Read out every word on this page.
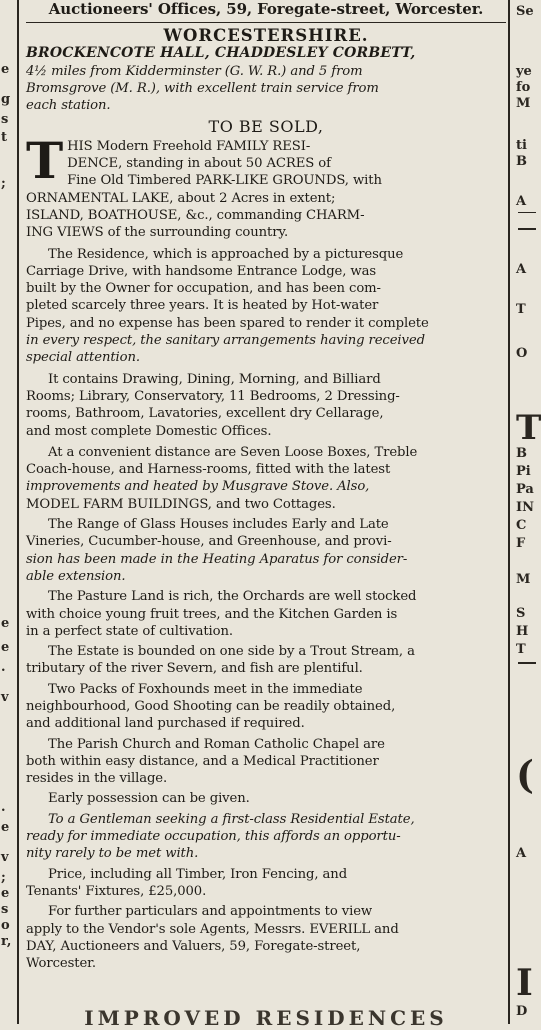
e
g
s
t
;
e
e
.
v
.
e
v
;
e
s
o
r,
Auctioneers' Offices, 59, Foregate-street, Worcester.
WORCESTERSHIRE.
BROCKENCOTE HALL, CHADDESLEY CORBETT,
4½ miles from Kidderminster (G. W. R.) and 5 from
Bromsgrove (M. R.), with excellent train service from
each station.
TO BE SOLD,
T HIS Modern Freehold FAMILY RESI-
DENCE, standing in about 50 ACRES of
Fine Old Timbered PARK-LIKE GROUNDS, with
ORNAMENTAL LAKE, about 2 Acres in extent;
ISLAND, BOATHOUSE, &c., commanding CHARM-
ING VIEWS of the surrounding country.
The Residence, which is approached by a picturesque
Carriage Drive, with handsome Entrance Lodge, was
built by the Owner for occupation, and has been com-
pleted scarcely three years. It is heated by Hot-water
Pipes, and no expense has been spared to render it complete
in every respect, the sanitary arrangements having received
special attention.
It contains Drawing, Dining, Morning, and Billiard
Rooms; Library, Conservatory, 11 Bedrooms, 2 Dressing-
rooms, Bathroom, Lavatories, excellent dry Cellarage,
and most complete Domestic Offices.
At a convenient distance are Seven Loose Boxes, Treble
Coach-house, and Harness-rooms, fitted with the latest
improvements and heated by Musgrave Stove. Also,
MODEL FARM BUILDINGS, and two Cottages.
The Range of Glass Houses includes Early and Late
Vineries, Cucumber-house, and Greenhouse, and provi-
sion has been made in the Heating Aparatus for consider-
able extension.
The Pasture Land is rich, the Orchards are well stocked
with choice young fruit trees, and the Kitchen Garden is
in a perfect state of cultivation.
The Estate is bounded on one side by a Trout Stream, a
tributary of the river Severn, and fish are plentiful.
Two Packs of Foxhounds meet in the immediate
neighbourhood, Good Shooting can be readily obtained,
and additional land purchased if required.
The Parish Church and Roman Catholic Chapel are
both within easy distance, and a Medical Practitioner
resides in the village.
Early possession can be given.
To a Gentleman seeking a first-class Residential Estate,
ready for immediate occupation, this affords an opportu-
nity rarely to be met with.
Price, including all Timber, Iron Fencing, and
Tenants' Fixtures, £25,000.
For further particulars and appointments to view
apply to the Vendor's sole Agents, Messrs. EVERILL and
DAY, Auctioneers and Valuers, 59, Foregate-street,
Worcester.
IMPROVED RESIDENCES
Se
ye
fo
M
ti
B
A
A
T
O
T
B
Pi
Pa
IN
C
F
M
S
H
T
(
A
I
D
